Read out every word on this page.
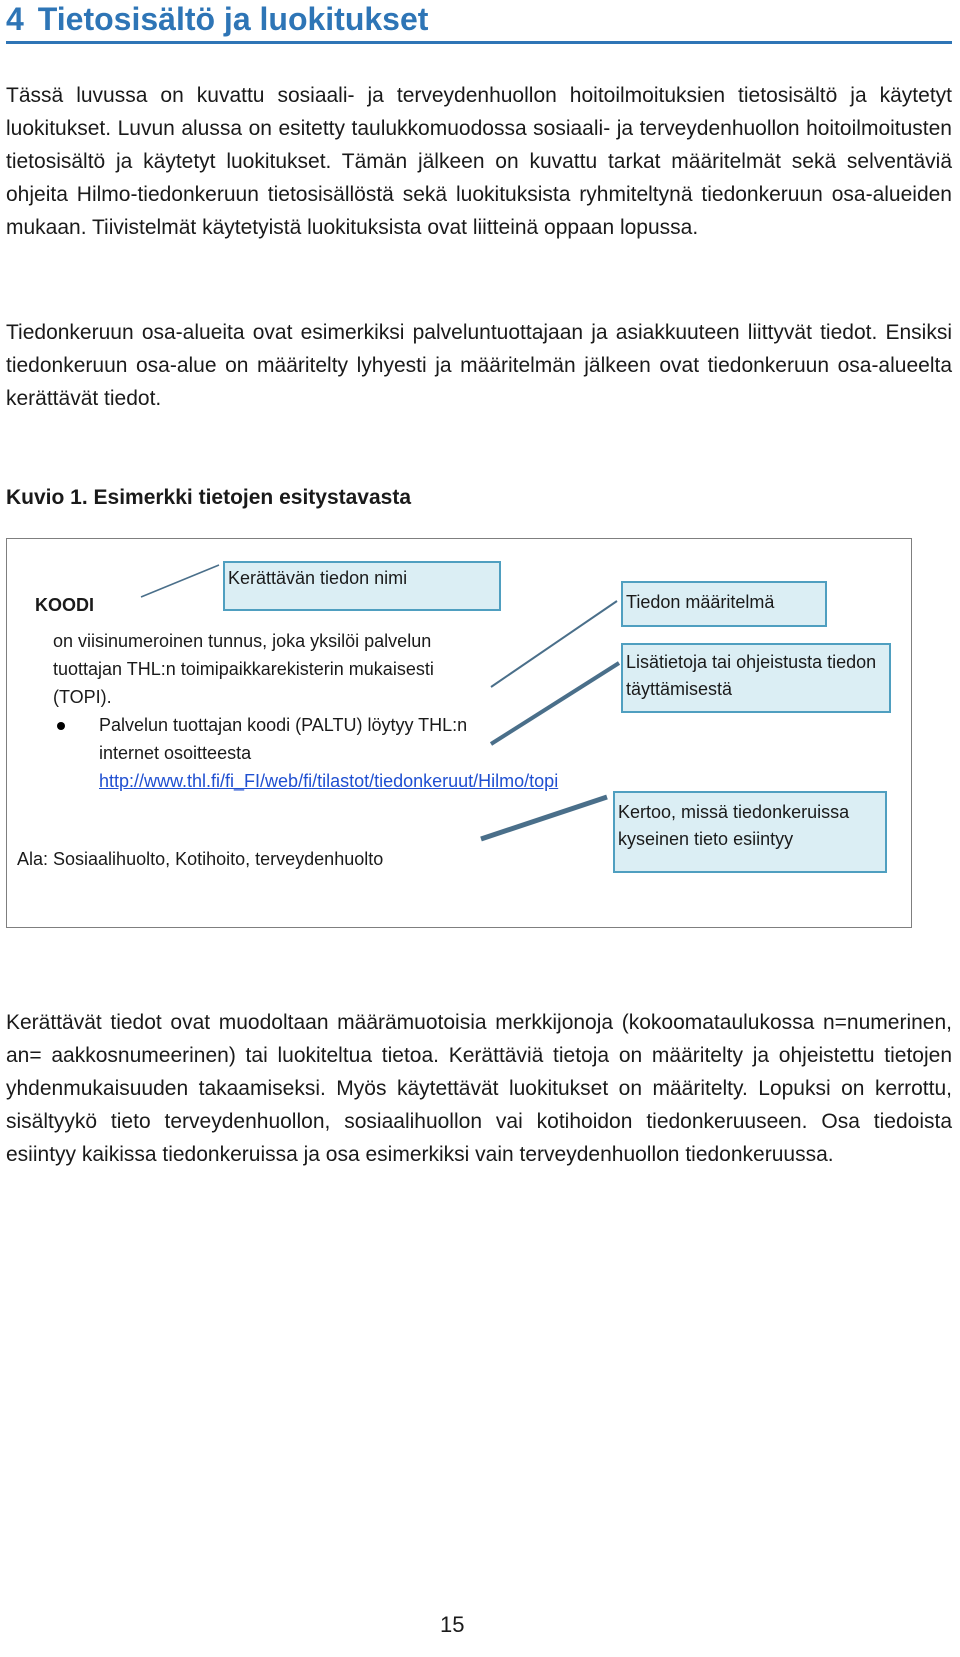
4 Tietosisältö ja luokitukset

Tässä luvussa on kuvattu sosiaali- ja terveydenhuollon hoitoilmoituksien tietosisältö ja käytetyt luokitukset. Luvun alussa on esitetty taulukkomuodossa sosiaali- ja terveydenhuollon hoitoilmoitusten tietosisältö ja käytetyt luokitukset. Tämän jälkeen on kuvattu tarkat määritelmät sekä selventäviä ohjeita Hilmo-tiedonkeruun tietosisällöstä sekä luokituksista ryhmiteltynä tiedonkeruun osa-alueiden mukaan. Tiivistelmät käytetyistä luokituksista ovat liitteinä oppaan lopussa.

Tiedonkeruun osa-alueita ovat esimerkiksi palveluntuottajaan ja asiakkuuteen liittyvät tiedot. Ensiksi tiedonkeruun osa-alue on määritelty lyhyesti ja määritelmän jälkeen ovat tiedonkeruun osa-alueelta kerättävät tiedot.

Kuvio 1. Esimerkki tietojen esitystavasta
KOODI
Kerättävän tiedon nimi
Tiedon määritelmä
Lisätietoja tai ohjeistusta tiedon täyttämisestä
Kertoo, missä tiedonkeruissa kyseinen tieto esiintyy
on viisinumeroinen tunnus, joka yksilöi palvelun tuottajan THL:n toimipaikkarekisterin mukaisesti (TOPI).
Palvelun tuottajan koodi (PALTU) löytyy THL:n internet osoitteesta http://www.thl.fi/fi_FI/web/fi/tilastot/tiedonkeruut/Hilmo/topi
Ala: Sosiaalihuolto, Kotihoito, terveydenhuolto

Kerättävät tiedot ovat muodoltaan määrämuotoisia merkkijonoja (kokoomataulukossa n=numerinen, an= aakkosnumeerinen) tai luokiteltua tietoa. Kerättäviä tietoja on määritelty ja ohjeistettu tietojen yhdenmukaisuuden takaamiseksi. Myös käytettävät luokitukset on määritelty. Lopuksi on kerrottu, sisältyykö tieto terveydenhuollon, sosiaalihuollon vai kotihoidon tiedonkeruuseen. Osa tiedoista esiintyy kaikissa tiedonkeruissa ja osa esimerkiksi vain terveydenhuollon tiedonkeruussa.

15
